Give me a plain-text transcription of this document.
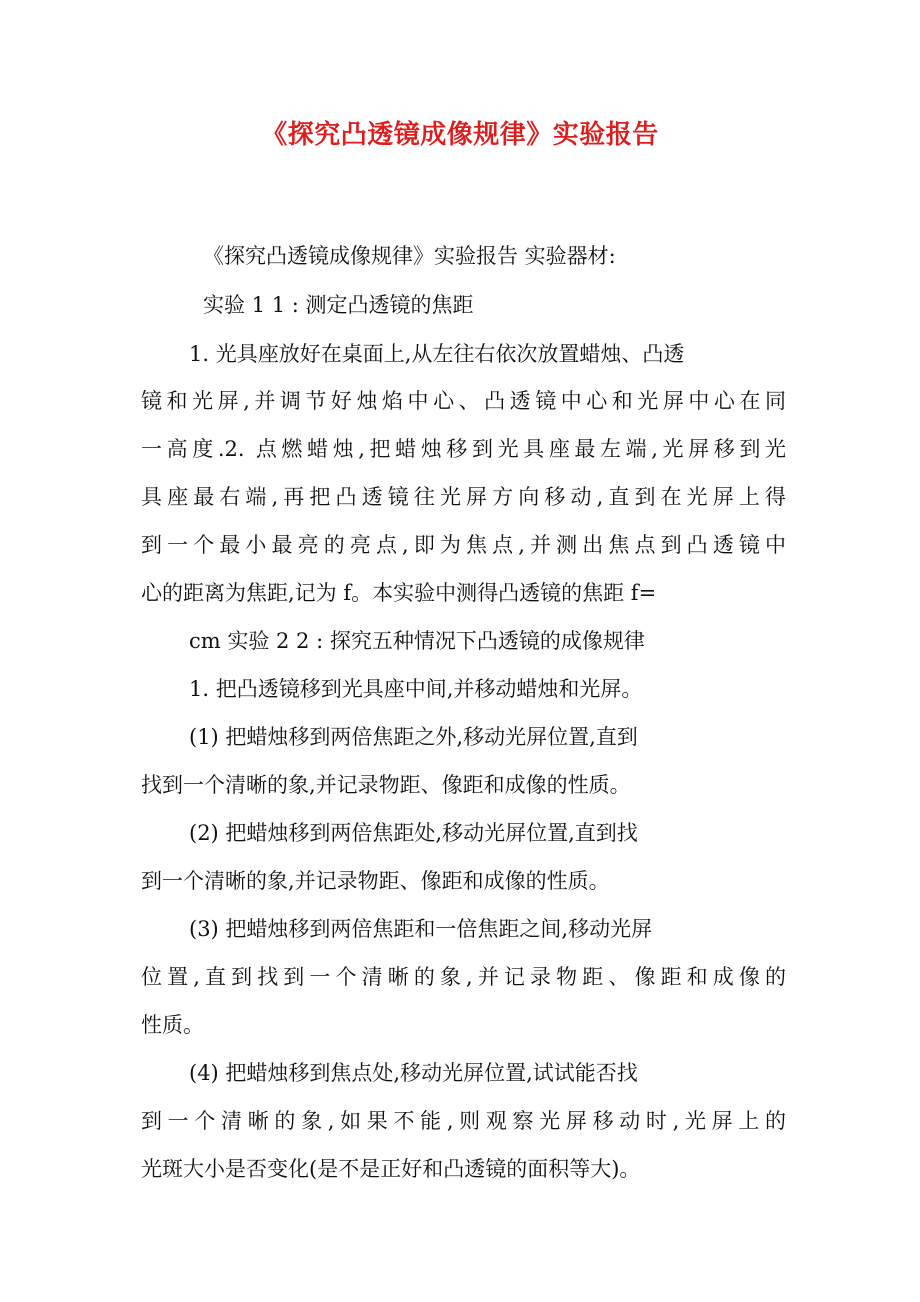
《探究凸透镜成像规律》实验报告
《探究凸透镜成像规律》实验报告 实验器材:
实验 1 1 : 测定凸透镜的焦距
1. 光具座放好在桌面上,从左往右依次放置蜡烛、凸透
镜和光屏,并调节好烛焰中心、凸透镜中心和光屏中心在同
一高度.2. 点燃蜡烛,把蜡烛移到光具座最左端,光屏移到光
具座最右端,再把凸透镜往光屏方向移动,直到在光屏上得
到一个最小最亮的亮点,即为焦点,并测出焦点到凸透镜中
心的距离为焦距,记为 f。本实验中测得凸透镜的焦距 f=
cm 实验 2 2 : 探究五种情况下凸透镜的成像规律
1. 把凸透镜移到光具座中间,并移动蜡烛和光屏。
(1) 把蜡烛移到两倍焦距之外,移动光屏位置,直到
找到一个清晰的象,并记录物距、像距和成像的性质。
(2) 把蜡烛移到两倍焦距处,移动光屏位置,直到找
到一个清晰的象,并记录物距、像距和成像的性质。
(3) 把蜡烛移到两倍焦距和一倍焦距之间,移动光屏
位置,直到找到一个清晰的象,并记录物距、像距和成像的
性质。
(4) 把蜡烛移到焦点处,移动光屏位置,试试能否找
到一个清晰的象,如果不能,则观察光屏移动时,光屏上的
光斑大小是否变化(是不是正好和凸透镜的面积等大)。
